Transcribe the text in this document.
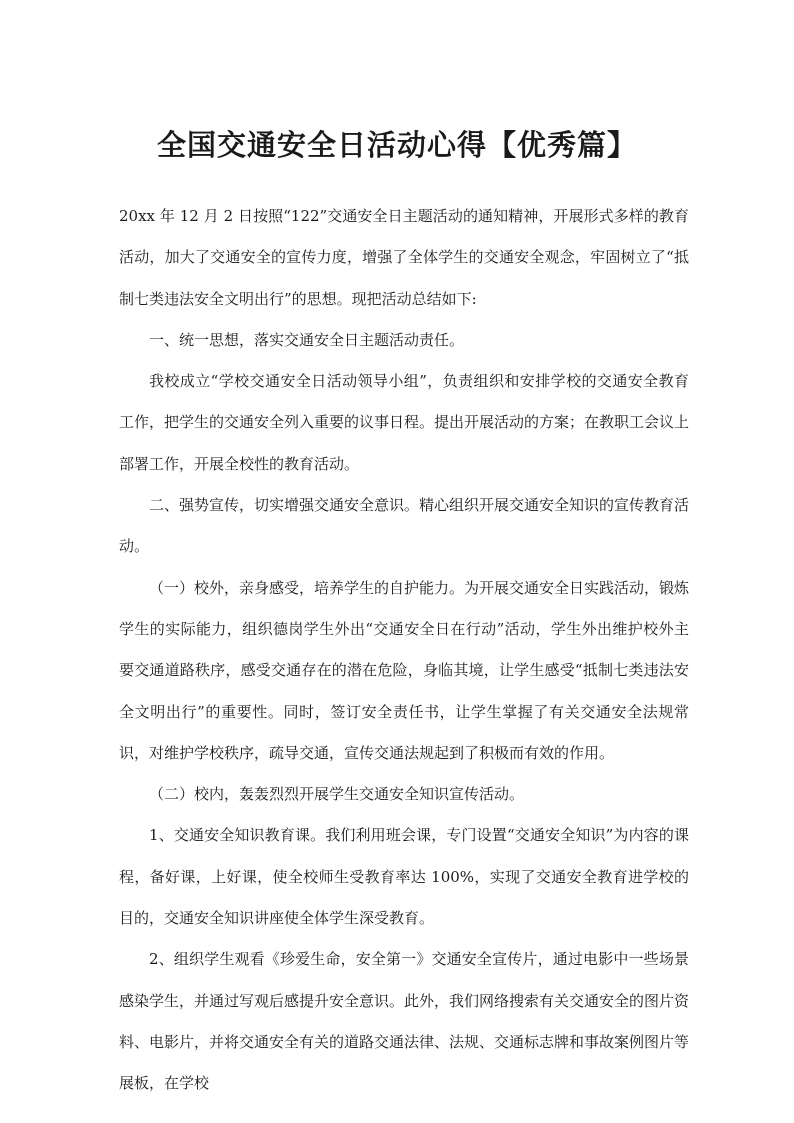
全国交通安全日活动心得【优秀篇】

20xx 年 12 月 2 日按照“122”交通安全日主题活动的通知精神，开展形式多样的教育活动，加大了交通安全的宣传力度，增强了全体学生的交通安全观念，牢固树立了“抵制七类违法安全文明出行”的思想。现把活动总结如下:

一、统一思想，落实交通安全日主题活动责任。

我校成立“学校交通安全日活动领导小组”，负责组织和安排学校的交通安全教育工作，把学生的交通安全列入重要的议事日程。提出开展活动的方案；在教职工会议上部署工作，开展全校性的教育活动。

二、强势宣传，切实增强交通安全意识。精心组织开展交通安全知识的宣传教育活动。

（一）校外，亲身感受，培养学生的自护能力。为开展交通安全日实践活动，锻炼学生的实际能力，组织德岗学生外出“交通安全日在行动”活动，学生外出维护校外主要交通道路秩序，感受交通存在的潜在危险，身临其境，让学生感受“抵制七类违法安全文明出行”的重要性。同时，签订安全责任书，让学生掌握了有关交通安全法规常识，对维护学校秩序，疏导交通，宣传交通法规起到了积极而有效的作用。

（二）校内，轰轰烈烈开展学生交通安全知识宣传活动。

1、交通安全知识教育课。我们利用班会课，专门设置“交通安全知识”为内容的课程，备好课，上好课，使全校师生受教育率达 100%，实现了交通安全教育进学校的目的，交通安全知识讲座使全体学生深受教育。

2、组织学生观看《珍爱生命，安全第一》交通安全宣传片，通过电影中一些场景感染学生，并通过写观后感提升安全意识。此外，我们网络搜索有关交通安全的图片资料、电影片，并将交通安全有关的道路交通法律、法规、交通标志牌和事故案例图片等展板，在学校
